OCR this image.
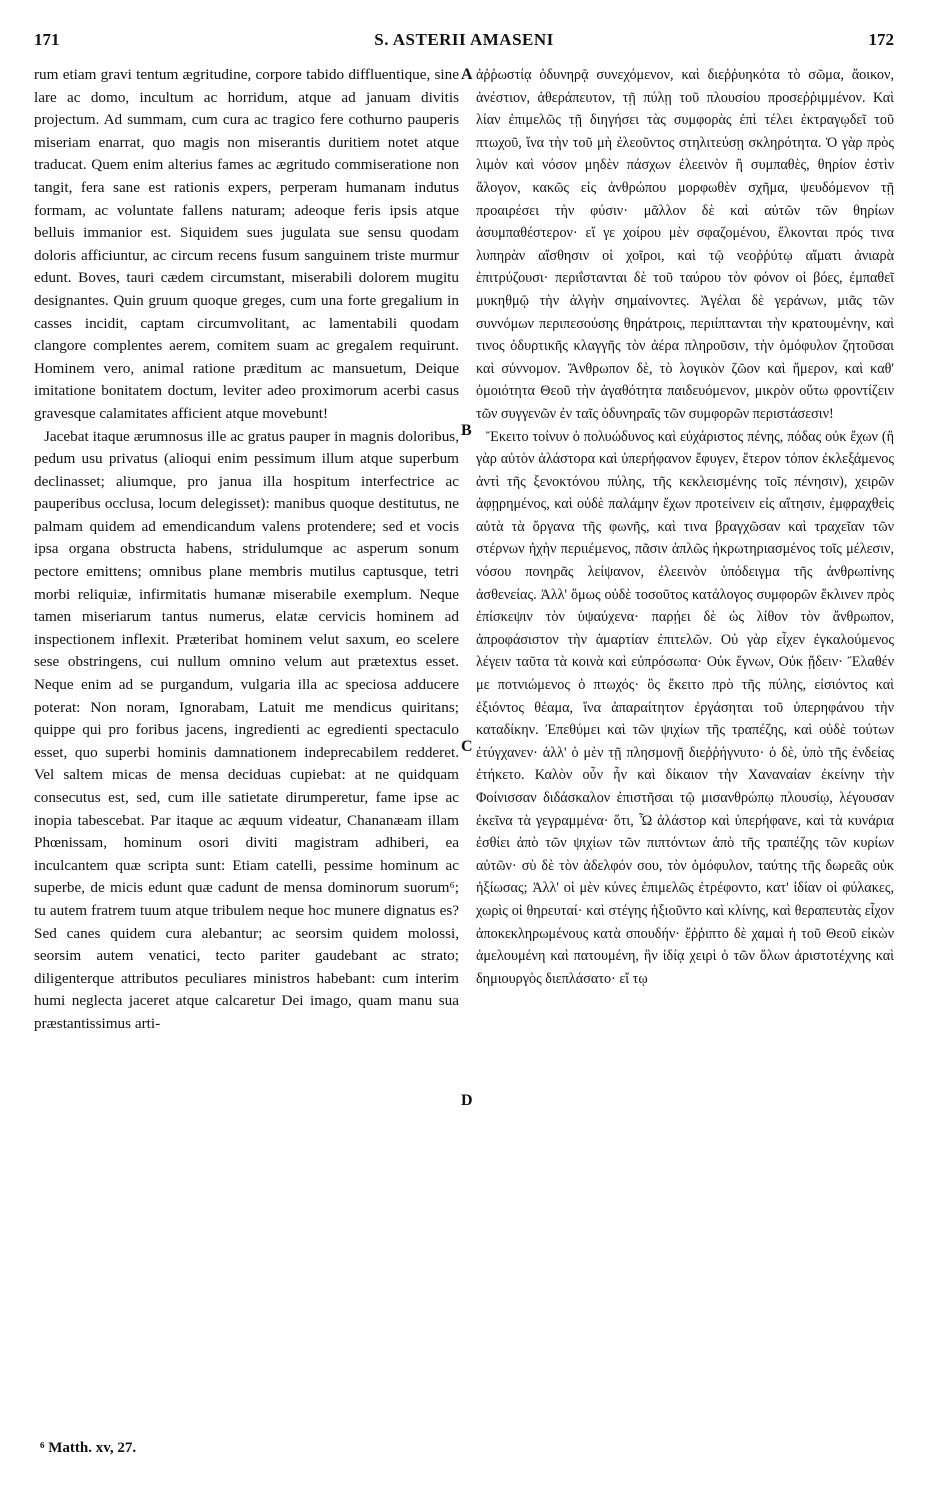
171	S. ASTERII AMASENI	172

rum etiam gravi tentum ægritudine, corpore tabido diffluentique, sine lare ac domo, incultum ac horridum, atque ad januam divitis projectum. Ad summam, cum cura ac tragico fere cothurno pauperis miseriam enarrat, quo magis non miserantis duritiem notet atque traducat. Quem enim alterius fames ac ægritudo commiseratione non tangit, fera sane est rationis expers, perperam humanam indutus formam, ac voluntate fallens naturam; adeoque feris ipsis atque belluis immanior est. Siquidem sues jugulata sue sensu quodam doloris afficiuntur, ac circum recens fusum sanguinem triste murmur edunt. Boves, tauri cædem circumstant, miserabili dolorem mugitu designantes. Quin gruum quoque greges, cum una forte gregalium in casses incidit, captam circumvolitant, ac lamentabili quodam clangore complentes aerem, comitem suam ac gregalem requirunt. Hominem vero, animal ratione præditum ac mansuetum, Deique imitatione bonitatem doctum, leviter adeo proximorum acerbi casus gravesque calamitates afficient atque movebunt!

Jacebat itaque ærumnosus ille ac gratus pauper in magnis doloribus, pedum usu privatus (alioqui enim pessimum illum atque superbum declinasset; aliumque, pro janua illa hospitum interfectrice ac pauperibus occlusa, locum delegisset): manibus quoque destitutus, ne palmam quidem ad emendicandum valens protendere; sed et vocis ipsa organa obstructa habens, stridulumque ac asperum sonum pectore emittens; omnibus plane membris mutilus captusque, tetri morbi reliquiæ, infirmitatis humanæ miserabile exemplum. Neque tamen miseriarum tantus numerus, elatæ cervicis hominem ad inspectionem inflexit. Præteribat hominem velut saxum, eo scelere sese obstringens, cui nullum omnino velum aut prætextus esset. Neque enim ad se purgandum, vulgaria illa ac speciosa adducere poterat: Non noram, Ignorabam, Latuit me mendicus quiritans; quippe qui pro foribus jacens, ingredienti ac egredienti spectaculo esset, quo superbi hominis damnationem indeprecabilem redderet. Vel saltem micas de mensa deciduas cupiebat: at ne quidquam consecutus est, sed, cum ille satietate dirumperetur, fame ipse ac inopia tabescebat. Par itaque ac æquum videatur, Chananæam illam Phœnissam, hominum osori diviti magistram adhiberi, ea inculcantem quæ scripta sunt: Etiam catelli, pessime hominum ac superbe, de micis edunt quæ cadunt de mensa dominorum suorum⁶; tu autem fratrem tuum atque tribulem neque hoc munere dignatus es? Sed canes quidem cura alebantur; ac seorsim quidem molossi, seorsim autem venatici, tecto pariter gaudebant ac strato; diligenterque attributos peculiares ministros habebant: cum interim humi neglecta jaceret atque calcaretur Dei imago, quam manu sua præstantissimus arti-

A
B
C
D

ἀῤῥωστίᾳ ὀδυνηρᾷ συνεχόμενον, καὶ διεῤῥυηκότα τὸ σῶμα, ἄοικον, ἀνέστιον, ἀθεράπευτον, τῇ πύλῃ τοῦ πλουσίου προσεῤῥιμμένον. Καὶ λίαν ἐπιμελῶς τῇ διηγήσει τὰς συμφορὰς ἐπὶ τέλει ἐκτραγῳδεῖ τοῦ πτωχοῦ, ἵνα τὴν τοῦ μὴ ἐλεοῦντος στηλιτεύσῃ σκληρότητα. Ὁ γὰρ πρὸς λιμὸν καὶ νόσον μηδὲν πάσχων ἐλεεινὸν ἢ συμπαθὲς, θηρίον ἐστὶν ἄλογον, κακῶς εἰς ἀνθρώπου μορφωθὲν σχῆμα, ψευδόμενον τῇ προαιρέσει τὴν φύσιν· μᾶλλον δὲ καὶ αὐτῶν τῶν θηρίων ἀσυμπαθέστερον· εἴ γε χοίρου μὲν σφαζομένου, ἕλκονται πρός τινα λυπηρὰν αἴσθησιν οἱ χοῖροι, καὶ τῷ νεοῤῥύτῳ αἵματι ἀνιαρὰ ἐπιτρύζουσι· περιΐστανται δὲ τοῦ ταύρου τὸν φόνον οἱ βόες, ἐμπαθεῖ μυκηθμῷ τὴν ἀλγὴν σημαίνοντες. Ἀγέλαι δὲ γεράνων, μιᾶς τῶν συννόμων περιπεσούσης θηράτροις, περιίπτανται τὴν κρατουμένην, καὶ τινος ὀδυρτικῆς κλαγγῆς τὸν ἀέρα πληροῦσιν, τὴν ὁμόφυλον ζητοῦσαι καὶ σύννομον. Ἄνθρωπον δὲ, τὸ λογικὸν ζῶον καὶ ἥμερον, καὶ καθ' ὁμοιότητα Θεοῦ τὴν ἀγαθότητα παιδευόμενον, μικρὸν οὕτω φροντίζειν τῶν συγγενῶν ἐν ταῖς ὀδυνηραῖς τῶν συμφορῶν περιστάσεσιν!

Ἔκειτο τοίνυν ὁ πολυώδυνος καὶ εὐχάριστος πένης, πόδας οὐκ ἔχων (ἢ γὰρ αὐτὸν ἀλάστορα καὶ ὑπερήφανον ἔφυγεν, ἕτερον τόπον ἐκλεξάμενος ἀντὶ τῆς ξενοκτόνου πύλης, τῆς κεκλεισμένης τοῖς πένησιν), χειρῶν ἀφῃρημένος, καὶ οὐδὲ παλάμην ἔχων προτείνειν εἰς αἴτησιν, ἐμφραχθεὶς αὐτὰ τὰ ὄργανα τῆς φωνῆς, καὶ τινα βραγχῶσαν καὶ τραχεῖαν τῶν στέρνων ἠχὴν περιιέμενος, πᾶσιν ἁπλῶς ἠκρωτηριασμένος τοῖς μέλεσιν, νόσου πονηρᾶς λείψανον, ἐλεεινὸν ὑπόδειγμα τῆς ἀνθρωπίνης ἀσθενείας. Ἀλλ' ὅμως οὐδὲ τοσοῦτος κατάλογος συμφορῶν ἔκλινεν πρὸς ἐπίσκεψιν τὸν ὑψαύχενα· παρῄει δὲ ὡς λίθον τὸν ἄνθρωπον, ἀπροφάσιστον τὴν ἁμαρτίαν ἐπιτελῶν. Οὐ γὰρ εἶχεν ἐγκαλούμενος λέγειν ταῦτα τὰ κοινὰ καὶ εὐπρόσωπα· Οὐκ ἔγνων, Οὐκ ᾔδειν· Ἔλαθέν με ποτνιώμενος ὁ πτωχός· ὃς ἔκειτο πρὸ τῆς πύλης, εἰσιόντος καὶ ἐξιόντος θέαμα, ἵνα ἀπαραίτητον ἐργάσηται τοῦ ὑπερηφάνου τὴν καταδίκην. Ἐπεθύμει καὶ τῶν ψιχίων τῆς τραπέζης, καὶ οὐδὲ τούτων ἐτύγχανεν· ἀλλ' ὁ μὲν τῇ πλησμονῇ διεῤῥήγνυτο· ὁ δὲ, ὑπὸ τῆς ἐνδείας ἐτήκετο. Καλὸν οὖν ἦν καὶ δίκαιον τὴν Χαναναίαν ἐκείνην τὴν Φοίνισσαν διδάσκαλον ἐπιστῆσαι τῷ μισανθρώπῳ πλουσίῳ, λέγουσαν ἐκεῖνα τὰ γεγραμμένα· ὅτι, Ὦ ἀλάστορ καὶ ὑπερήφανε, καὶ τὰ κυνάρια ἐσθίει ἀπὸ τῶν ψιχίων τῶν πιπτόντων ἀπὸ τῆς τραπέζης τῶν κυρίων αὐτῶν· σὺ δὲ τὸν ἀδελφόν σου, τὸν ὁμόφυλον, ταύτης τῆς δωρεᾶς οὐκ ἠξίωσας; Ἀλλ' οἱ μὲν κύνες ἐπιμελῶς ἐτρέφοντο, κατ' ἰδίαν οἱ φύλακες, χωρὶς οἱ θηρευταί· καὶ στέγης ἠξιοῦντο καὶ κλίνης, καὶ θεραπευτὰς εἶχον ἀποκεκληρωμένους κατὰ σπουδήν· ἔῤῥιπτο δὲ χαμαὶ ἡ τοῦ Θεοῦ εἰκὼν ἀμελουμένη καὶ πατουμένη, ἣν ἰδίᾳ χειρὶ ὁ τῶν ὅλων ἀριστοτέχνης καὶ δημιουργὸς διεπλάσατο· εἴ τῳ

⁶ Matth. xv, 27.
